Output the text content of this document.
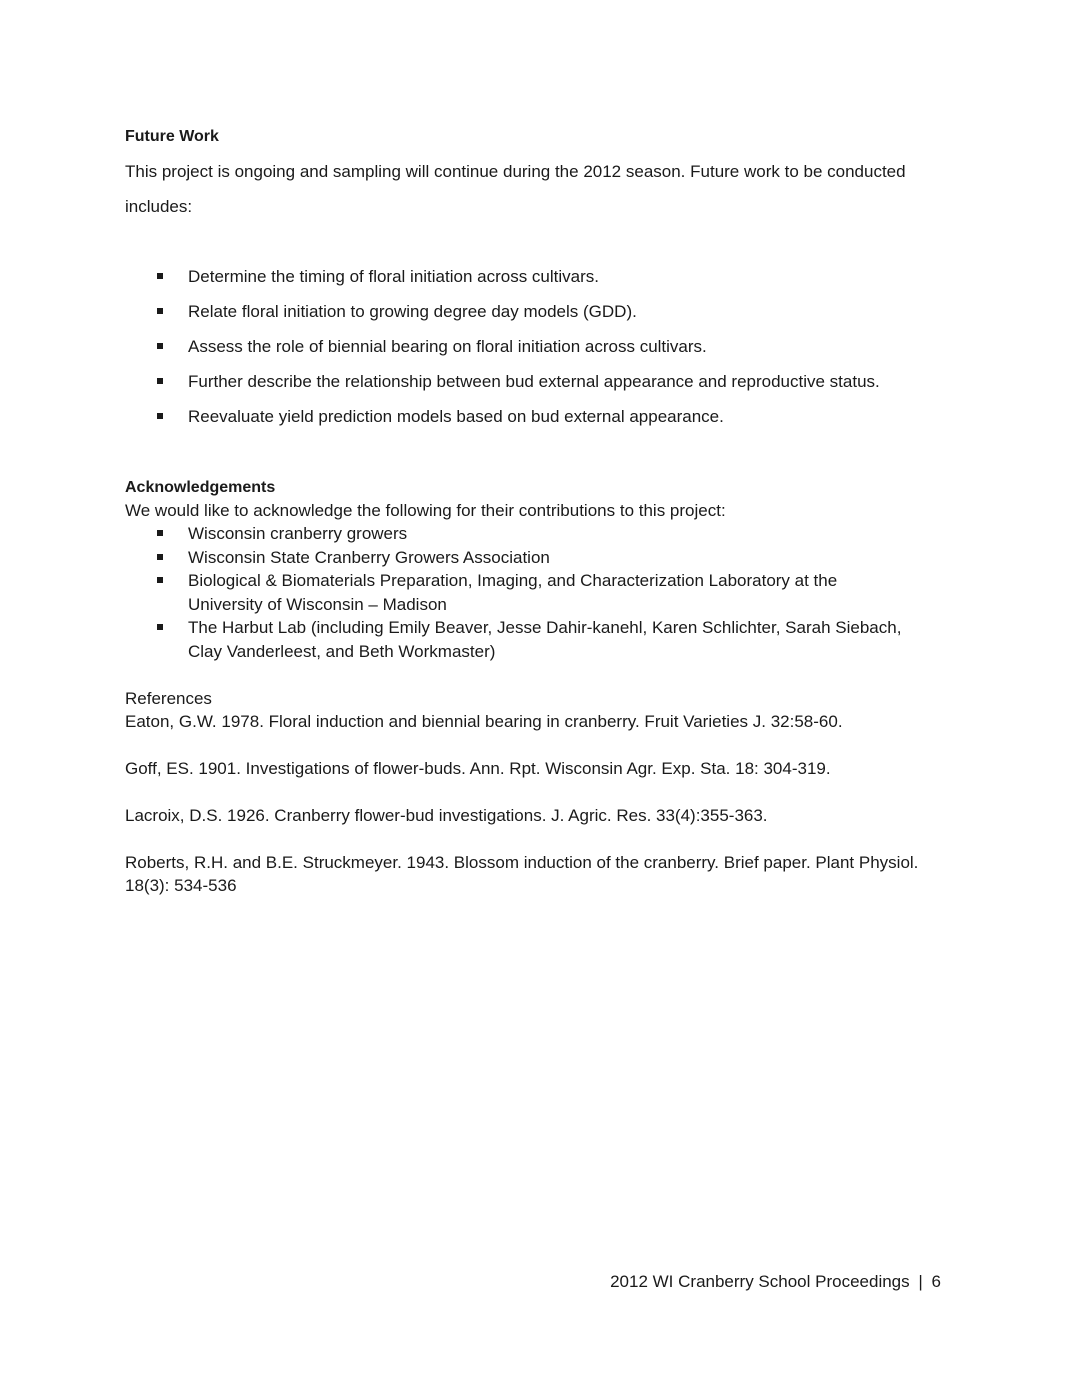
Future Work
This project is ongoing and sampling will continue during the 2012 season. Future work to be conducted
includes:
Determine the timing of floral initiation across cultivars.
Relate floral initiation to growing degree day models (GDD).
Assess the role of biennial bearing on floral initiation across cultivars.
Further describe the relationship between bud external appearance and reproductive status.
Reevaluate yield prediction models based on bud external appearance.
Acknowledgements
We would like to acknowledge the following for their contributions to this project:
Wisconsin cranberry growers
Wisconsin State Cranberry Growers Association
Biological & Biomaterials Preparation, Imaging, and Characterization Laboratory at the
University of Wisconsin – Madison
The Harbut Lab (including Emily Beaver, Jesse Dahir-kanehl, Karen Schlichter, Sarah Siebach,
Clay Vanderleest, and Beth Workmaster)
References
Eaton, G.W. 1978. Floral induction and biennial bearing in cranberry. Fruit Varieties J. 32:58-60.
Goff, ES. 1901. Investigations of flower-buds. Ann. Rpt. Wisconsin Agr. Exp. Sta. 18: 304-319.
Lacroix, D.S. 1926. Cranberry flower-bud investigations. J. Agric. Res. 33(4):355-363.
Roberts, R.H. and B.E. Struckmeyer. 1943. Blossom induction of the cranberry. Brief paper. Plant Physiol.
18(3): 534-536
2012 WI Cranberry School Proceedings | 6
